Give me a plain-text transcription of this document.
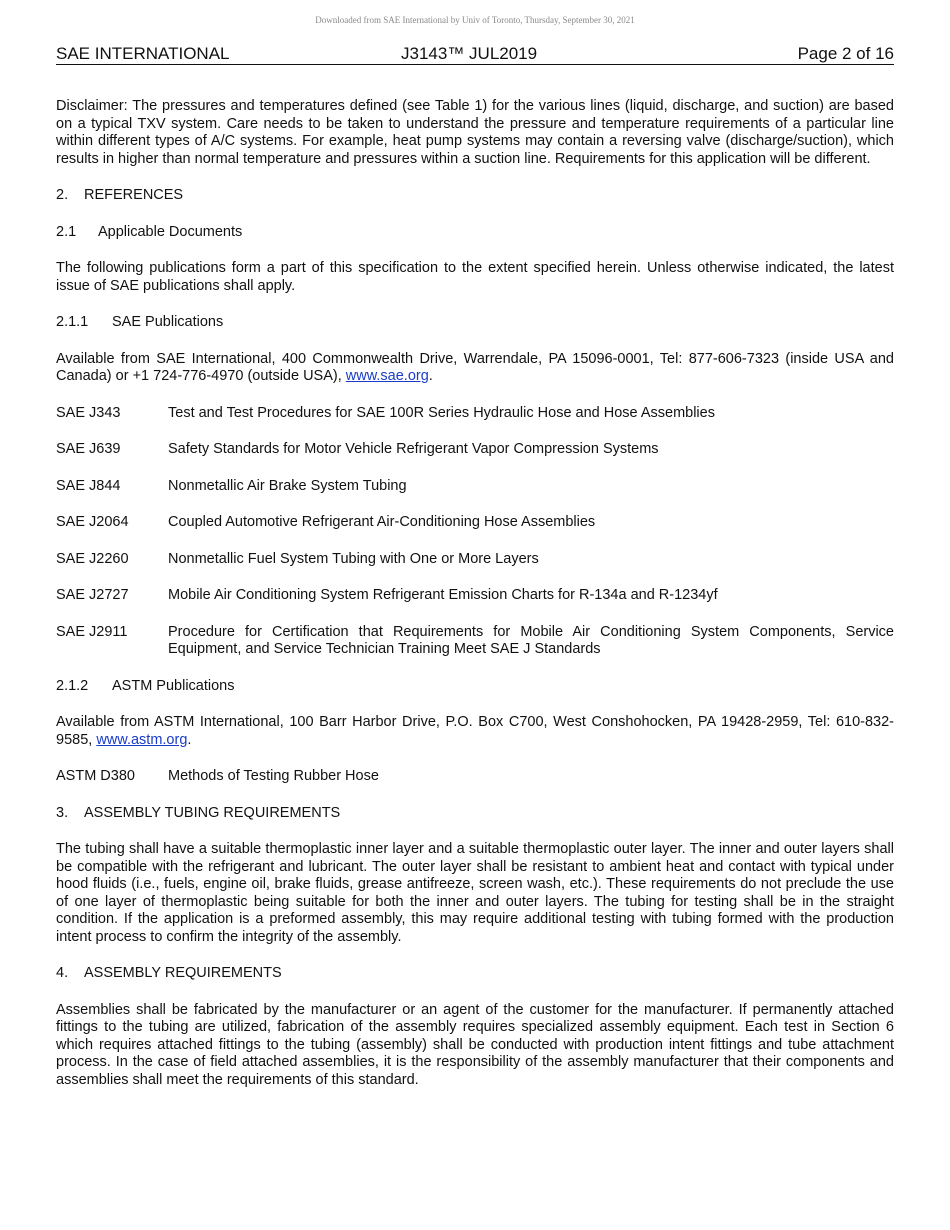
Downloaded from SAE International by Univ of Toronto, Thursday, September 30, 2021
SAE INTERNATIONAL	J3143™ JUL2019	Page 2 of 16

Disclaimer: The pressures and temperatures defined (see Table 1) for the various lines (liquid, discharge, and suction) are based on a typical TXV system. Care needs to be taken to understand the pressure and temperature requirements of a particular line within different types of A/C systems. For example, heat pump systems may contain a reversing valve (discharge/suction), which results in higher than normal temperature and pressures within a suction line. Requirements for this application will be different.

2.	REFERENCES
2.1	Applicable Documents

The following publications form a part of this specification to the extent specified herein. Unless otherwise indicated, the latest issue of SAE publications shall apply.

2.1.1	SAE Publications

Available from SAE International, 400 Commonwealth Drive, Warrendale, PA 15096-0001, Tel: 877-606-7323 (inside USA and Canada) or +1 724-776-4970 (outside USA), www.sae.org.

SAE J343	Test and Test Procedures for SAE 100R Series Hydraulic Hose and Hose Assemblies
SAE J639	Safety Standards for Motor Vehicle Refrigerant Vapor Compression Systems
SAE J844	Nonmetallic Air Brake System Tubing
SAE J2064	Coupled Automotive Refrigerant Air-Conditioning Hose Assemblies
SAE J2260	Nonmetallic Fuel System Tubing with One or More Layers
SAE J2727	Mobile Air Conditioning System Refrigerant Emission Charts for R-134a and R-1234yf
SAE J2911	Procedure for Certification that Requirements for Mobile Air Conditioning System Components, Service Equipment, and Service Technician Training Meet SAE J Standards
2.1.2	ASTM Publications

Available from ASTM International, 100 Barr Harbor Drive, P.O. Box C700, West Conshohocken, PA 19428-2959, Tel: 610-832-9585, www.astm.org.

ASTM D380	Methods of Testing Rubber Hose
3.	ASSEMBLY TUBING REQUIREMENTS

The tubing shall have a suitable thermoplastic inner layer and a suitable thermoplastic outer layer. The inner and outer layers shall be compatible with the refrigerant and lubricant. The outer layer shall be resistant to ambient heat and contact with typical under hood fluids (i.e., fuels, engine oil, brake fluids, grease antifreeze, screen wash, etc.). These requirements do not preclude the use of one layer of thermoplastic being suitable for both the inner and outer layers. The tubing for testing shall be in the straight condition. If the application is a preformed assembly, this may require additional testing with tubing formed with the production intent process to confirm the integrity of the assembly.

4.	ASSEMBLY REQUIREMENTS

Assemblies shall be fabricated by the manufacturer or an agent of the customer for the manufacturer. If permanently attached fittings to the tubing are utilized, fabrication of the assembly requires specialized assembly equipment. Each test in Section 6 which requires attached fittings to the tubing (assembly) shall be conducted with production intent fittings and tube attachment process. In the case of field attached assemblies, it is the responsibility of the assembly manufacturer that their components and assemblies shall meet the requirements of this standard.
